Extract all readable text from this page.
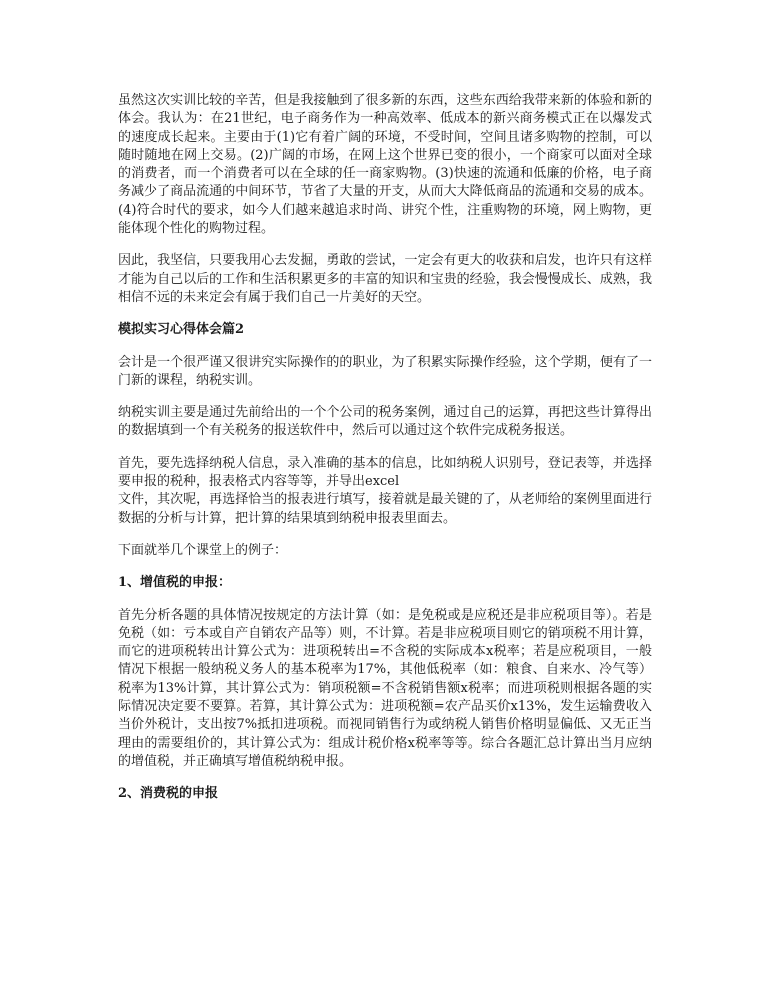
虽然这次实训比较的辛苦，但是我接触到了很多新的东西，这些东西给我带来新的体验和新的体会。我认为：在21世纪，电子商务作为一种高效率、低成本的新兴商务模式正在以爆发式的速度成长起来。主要由于(1)它有着广阔的环境，不受时间，空间且诸多购物的控制，可以随时随地在网上交易。(2)广阔的市场，在网上这个世界已变的很小，一个商家可以面对全球的消费者，而一个消费者可以在全球的任一商家购物。(3)快速的流通和低廉的价格，电子商务减少了商品流通的中间环节，节省了大量的开支，从而大大降低商品的流通和交易的成本。(4)符合时代的要求，如今人们越来越追求时尚、讲究个性，注重购物的环境，网上购物，更能体现个性化的购物过程。

因此，我坚信，只要我用心去发掘，勇敢的尝试，一定会有更大的收获和启发，也许只有这样才能为自己以后的工作和生活积累更多的丰富的知识和宝贵的经验，我会慢慢成长、成熟，我相信不远的未来定会有属于我们自己一片美好的天空。

模拟实习心得体会篇2

会计是一个很严谨又很讲究实际操作的的职业，为了积累实际操作经验，这个学期，便有了一门新的课程，纳税实训。

纳税实训主要是通过先前给出的一个个公司的税务案例，通过自己的运算，再把这些计算得出的数据填到一个有关税务的报送软件中，然后可以通过这个软件完成税务报送。

首先，要先选择纳税人信息，录入准确的基本的信息，比如纳税人识别号，登记表等，并选择要申报的税种，报表格式内容等等，并导出excel
文件，其次呢，再选择恰当的报表进行填写，接着就是最关键的了，从老师给的案例里面进行数据的分析与计算，把计算的结果填到纳税申报表里面去。

下面就举几个课堂上的例子：

1、增值税的申报：

首先分析各题的具体情况按规定的方法计算（如：是免税或是应税还是非应税项目等）。若是免税（如：亏本或自产自销农产品等）则，不计算。若是非应税项目则它的销项税不用计算，而它的进项税转出计算公式为：进项税转出=不含税的实际成本x税率；若是应税项目，一般情况下根据一般纳税义务人的基本税率为17%，其他低税率（如：粮食、自来水、冷气等）税率为13%计算，其计算公式为：销项税额=不含税销售额x税率；而进项税则根据各题的实际情况决定要不要算。若算，其计算公式为：进项税额=农产品买价x13%，发生运输费收入当价外税计，支出按7%抵扣进项税。而视同销售行为或纳税人销售价格明显偏低、又无正当理由的需要组价的，其计算公式为：组成计税价格x税率等等。综合各题汇总计算出当月应纳的增值税，并正确填写增值税纳税申报。

2、消费税的申报
